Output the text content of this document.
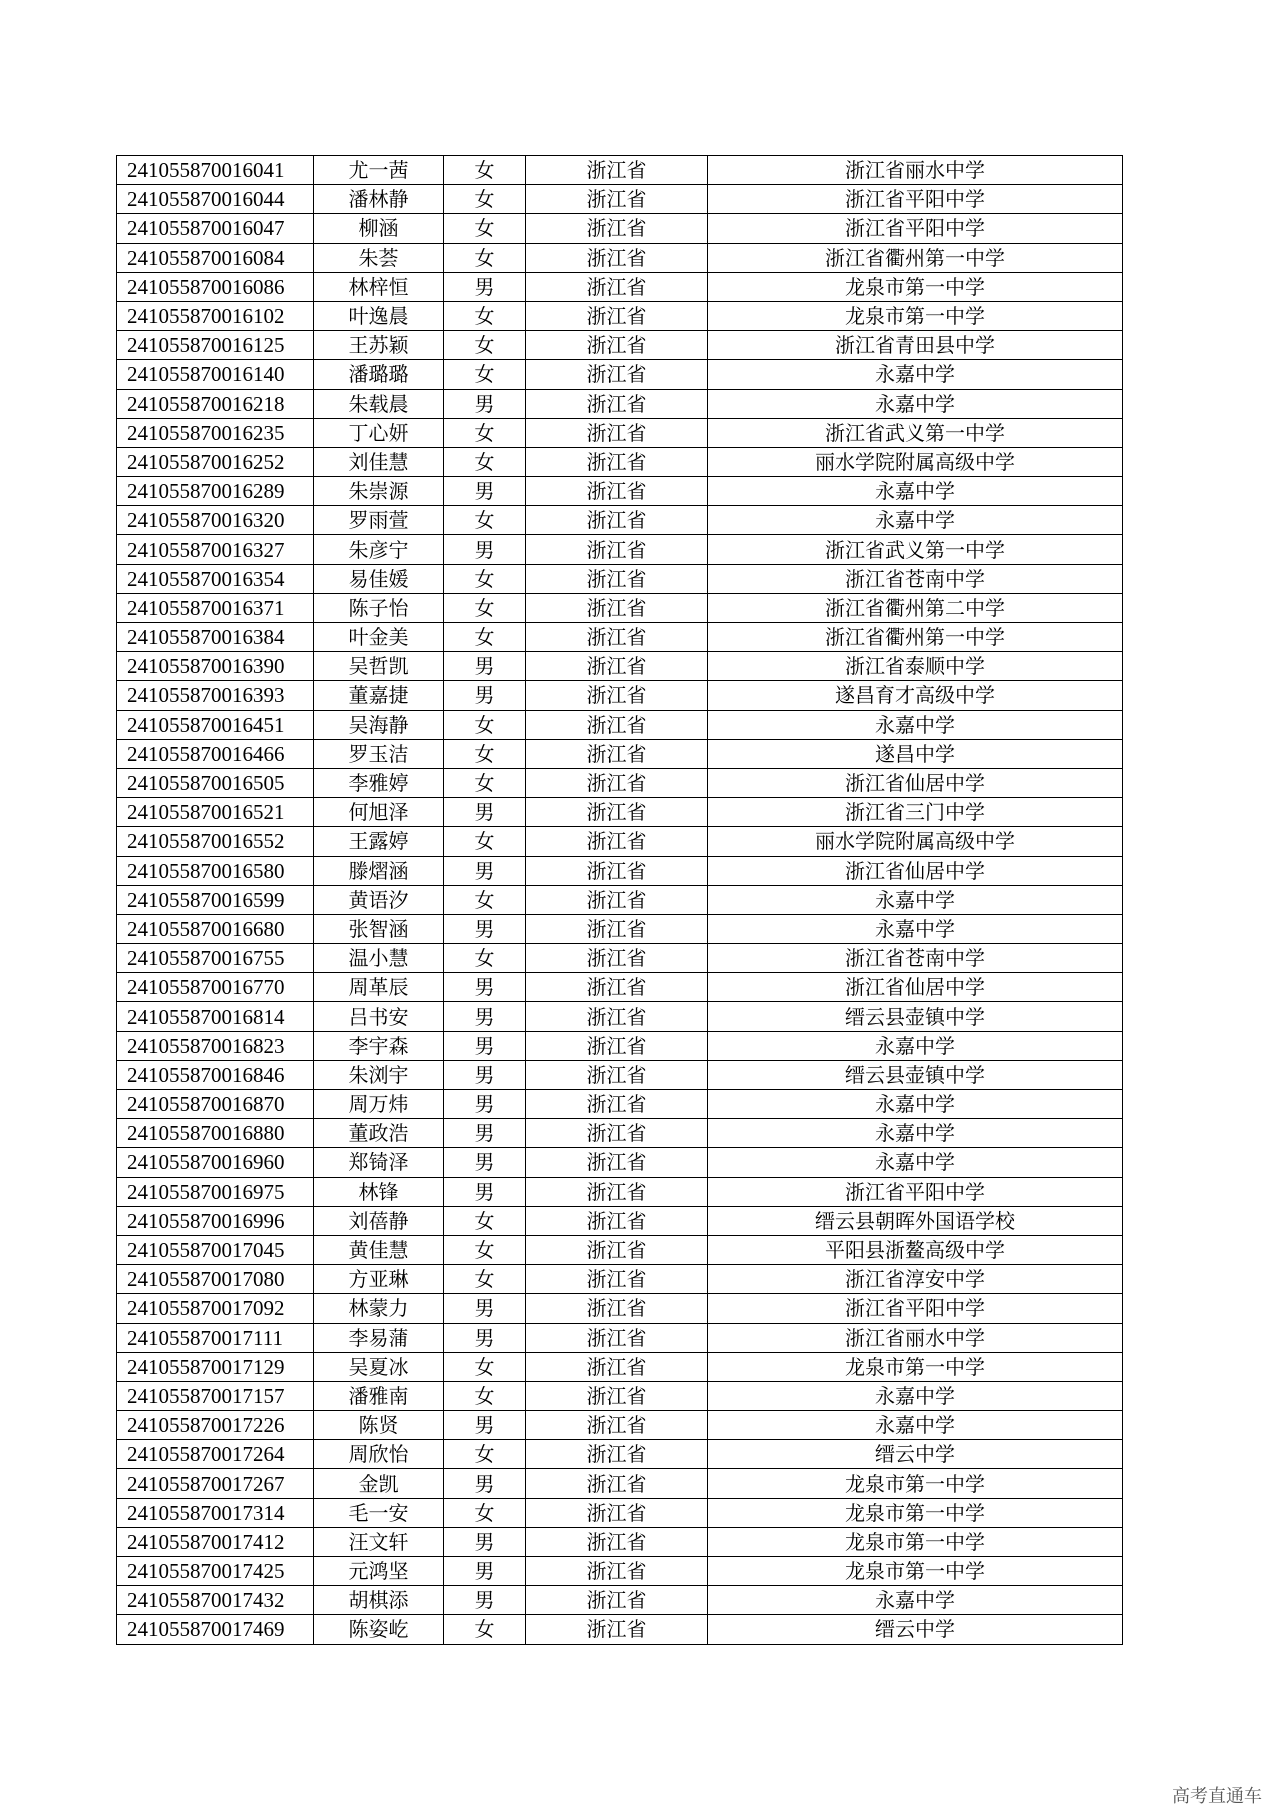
241055870016041	尤一茜	女	浙江省	浙江省丽水中学
241055870016044	潘林静	女	浙江省	浙江省平阳中学
241055870016047	柳涵	女	浙江省	浙江省平阳中学
241055870016084	朱荟	女	浙江省	浙江省衢州第一中学
241055870016086	林梓恒	男	浙江省	龙泉市第一中学
241055870016102	叶逸晨	女	浙江省	龙泉市第一中学
241055870016125	王苏颖	女	浙江省	浙江省青田县中学
241055870016140	潘璐璐	女	浙江省	永嘉中学
241055870016218	朱载晨	男	浙江省	永嘉中学
241055870016235	丁心妍	女	浙江省	浙江省武义第一中学
241055870016252	刘佳慧	女	浙江省	丽水学院附属高级中学
241055870016289	朱崇源	男	浙江省	永嘉中学
241055870016320	罗雨萱	女	浙江省	永嘉中学
241055870016327	朱彦宁	男	浙江省	浙江省武义第一中学
241055870016354	易佳媛	女	浙江省	浙江省苍南中学
241055870016371	陈子怡	女	浙江省	浙江省衢州第二中学
241055870016384	叶金美	女	浙江省	浙江省衢州第一中学
241055870016390	吴哲凯	男	浙江省	浙江省泰顺中学
241055870016393	董嘉捷	男	浙江省	遂昌育才高级中学
241055870016451	吴海静	女	浙江省	永嘉中学
241055870016466	罗玉洁	女	浙江省	遂昌中学
241055870016505	李雅婷	女	浙江省	浙江省仙居中学
241055870016521	何旭泽	男	浙江省	浙江省三门中学
241055870016552	王露婷	女	浙江省	丽水学院附属高级中学
241055870016580	滕熠涵	男	浙江省	浙江省仙居中学
241055870016599	黄语汐	女	浙江省	永嘉中学
241055870016680	张智涵	男	浙江省	永嘉中学
241055870016755	温小慧	女	浙江省	浙江省苍南中学
241055870016770	周革辰	男	浙江省	浙江省仙居中学
241055870016814	吕书安	男	浙江省	缙云县壶镇中学
241055870016823	李宇森	男	浙江省	永嘉中学
241055870016846	朱浏宇	男	浙江省	缙云县壶镇中学
241055870016870	周万炜	男	浙江省	永嘉中学
241055870016880	董政浩	男	浙江省	永嘉中学
241055870016960	郑锜泽	男	浙江省	永嘉中学
241055870016975	林锋	男	浙江省	浙江省平阳中学
241055870016996	刘蓓静	女	浙江省	缙云县朝晖外国语学校
241055870017045	黄佳慧	女	浙江省	平阳县浙鳌高级中学
241055870017080	方亚琳	女	浙江省	浙江省淳安中学
241055870017092	林蒙力	男	浙江省	浙江省平阳中学
241055870017111	李易蒲	男	浙江省	浙江省丽水中学
241055870017129	吴夏冰	女	浙江省	龙泉市第一中学
241055870017157	潘雅南	女	浙江省	永嘉中学
241055870017226	陈贤	男	浙江省	永嘉中学
241055870017264	周欣怡	女	浙江省	缙云中学
241055870017267	金凯	男	浙江省	龙泉市第一中学
241055870017314	毛一安	女	浙江省	龙泉市第一中学
241055870017412	汪文轩	男	浙江省	龙泉市第一中学
241055870017425	元鸿坚	男	浙江省	龙泉市第一中学
241055870017432	胡棋添	男	浙江省	永嘉中学
241055870017469	陈姿屹	女	浙江省	缙云中学
高考直通车
